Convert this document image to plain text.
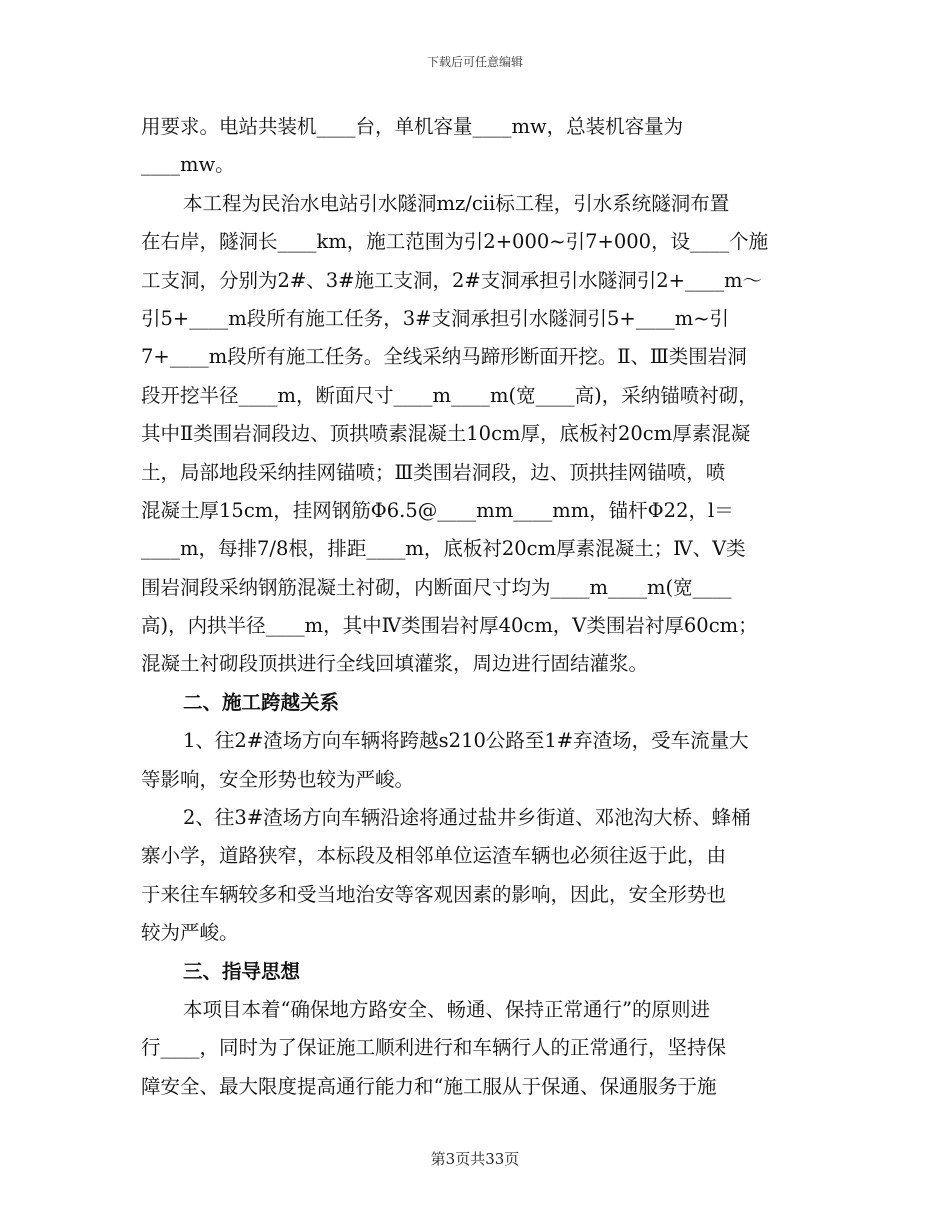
下载后可任意编辑
用要求。电站共装机____台，单机容量____mw，总装机容量为
____mw。
本工程为民治水电站引水隧洞mz/cii标工程，引水系统隧洞布置
在右岸，隧洞长____km，施工范围为引2+000~引7+000，设____个施
工支洞，分别为2#、3#施工支洞，2#支洞承担引水隧洞引2+____m～
引5+____m段所有施工任务，3#支洞承担引水隧洞引5+____m~引
7+____m段所有施工任务。全线采纳马蹄形断面开挖。Ⅱ、Ⅲ类围岩洞
段开挖半径____m，断面尺寸____m____m(宽____高)，采纳锚喷衬砌，
其中Ⅱ类围岩洞段边、顶拱喷素混凝土10cm厚，底板衬20cm厚素混凝
土，局部地段采纳挂网锚喷；Ⅲ类围岩洞段，边、顶拱挂网锚喷，喷
混凝土厚15cm，挂网钢筋Φ6.5@____mm____mm，锚杆Φ22，l＝
____m，每排7/8根，排距____m，底板衬20cm厚素混凝土；Ⅳ、Ⅴ类
围岩洞段采纳钢筋混凝土衬砌，内断面尺寸均为____m____m(宽____
高)，内拱半径____m，其中Ⅳ类围岩衬厚40cm，Ⅴ类围岩衬厚60cm；
混凝土衬砌段顶拱进行全线回填灌浆，周边进行固结灌浆。
二、施工跨越关系
1、往2#渣场方向车辆将跨越s210公路至1#弃渣场，受车流量大
等影响，安全形势也较为严峻。
2、往3#渣场方向车辆沿途将通过盐井乡街道、邓池沟大桥、蜂桶
寨小学，道路狭窄，本标段及相邻单位运渣车辆也必须往返于此，由
于来往车辆较多和受当地治安等客观因素的影响，因此，安全形势也
较为严峻。
三、指导思想
本项目本着“确保地方路安全、畅通、保持正常通行”的原则进
行____，同时为了保证施工顺利进行和车辆行人的正常通行，坚持保
障安全、最大限度提高通行能力和“施工服从于保通、保通服务于施
第3页共33页
